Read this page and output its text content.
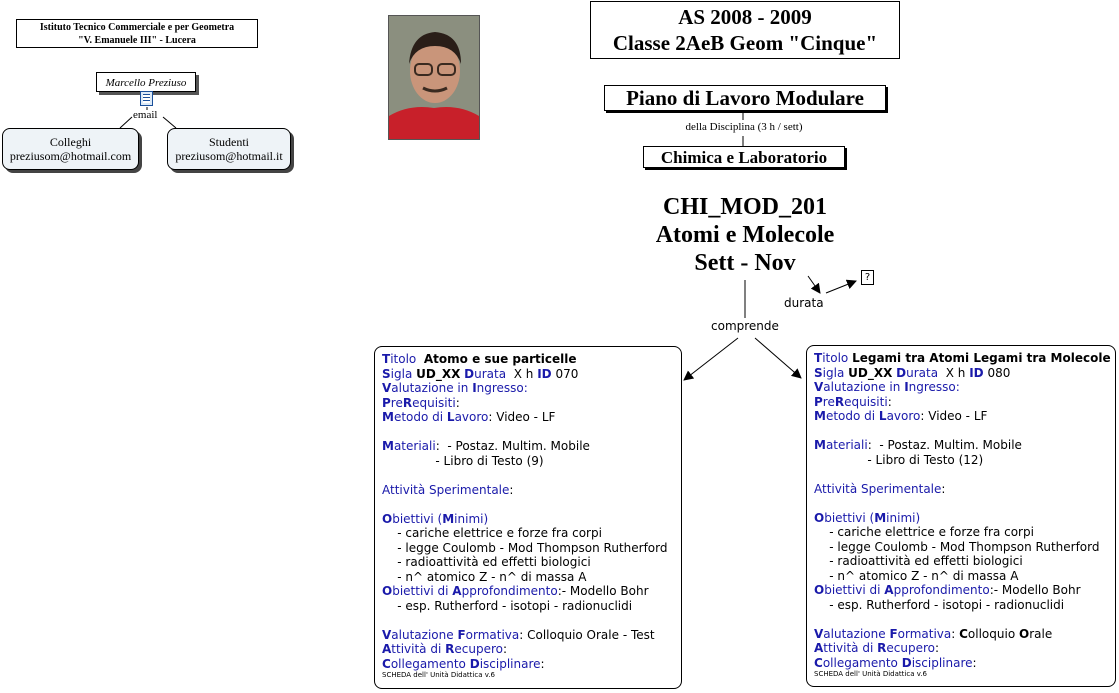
Istituto Tecnico Commerciale e per Geometra
"V. Emanuele III" - Lucera
Marcello Preziuso
email
Colleghi
preziusom@hotmail.com
Studenti
preziusom@hotmail.it
AS 2008 - 2009
Classe 2AeB Geom "Cinque"
Piano di Lavoro Modulare
della Disciplina (3 h / sett)
Chimica e Laboratorio
CHI_MOD_201
Atomi e Molecole
Sett - Nov
durata
?
comprende
Titolo Atomo e sue particelle
Sigla UD_XX Durata  X h ID 070
Valutazione in Ingresso:
PreRequisiti:
Metodo di Lavoro: Video - LF

Materiali:  - Postaz. Multim. Mobile
- Libro di Testo (9)

Attività Sperimentale:

Obiettivi (Minimi)
- cariche elettrice e forze fra corpi
- legge Coulomb - Mod Thompson Rutherford
- radioattività ed effetti biologici
- n^ atomico Z - n^ di massa A
Obiettivi di Approfondimento:- Modello Bohr
- esp. Rutherford - isotopi - radionuclidi

Valutazione Formativa: Colloquio Orale - Test
Attività di Recupero:
Collegamento Disciplinare:
SCHEDA dell' Unità Didattica v.6
Titolo Legami tra Atomi Legami tra Molecole
Sigla UD_XX Durata  X h ID 080
Valutazione in Ingresso:
PreRequisiti:
Metodo di Lavoro: Video - LF

Materiali:  - Postaz. Multim. Mobile
- Libro di Testo (12)

Attività Sperimentale:

Obiettivi (Minimi)
- cariche elettrice e forze fra corpi
- legge Coulomb - Mod Thompson Rutherford
- radioattività ed effetti biologici
- n^ atomico Z - n^ di massa A
Obiettivi di Approfondimento:- Modello Bohr
- esp. Rutherford - isotopi - radionuclidi

Valutazione Formativa: Colloquio Orale
Attività di Recupero:
Collegamento Disciplinare:
SCHEDA dell' Unità Didattica v.6
